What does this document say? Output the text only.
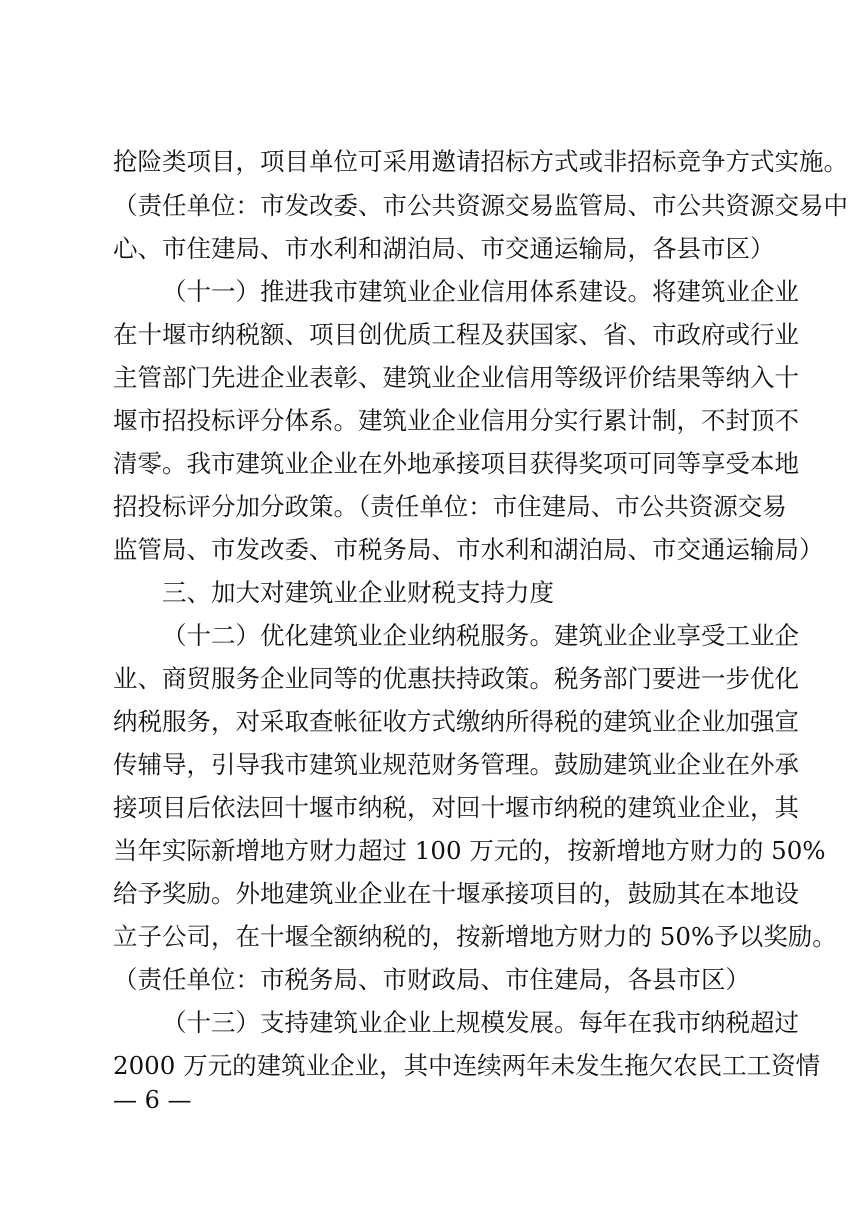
抢险类项目，项目单位可采用邀请招标方式或非招标竞争方式实施。
（责任单位：市发改委、市公共资源交易监管局、市公共资源交易中
心、市住建局、市水利和湖泊局、市交通运输局，各县市区）
（十一）推进我市建筑业企业信用体系建设。将建筑业企业
在十堰市纳税额、项目创优质工程及获国家、省、市政府或行业
主管部门先进企业表彰、建筑业企业信用等级评价结果等纳入十
堰市招投标评分体系。建筑业企业信用分实行累计制，不封顶不
清零。我市建筑业企业在外地承接项目获得奖项可同等享受本地
招投标评分加分政策。（责任单位：市住建局、市公共资源交易
监管局、市发改委、市税务局、市水利和湖泊局、市交通运输局）
三、加大对建筑业企业财税支持力度
（十二）优化建筑业企业纳税服务。建筑业企业享受工业企
业、商贸服务企业同等的优惠扶持政策。税务部门要进一步优化
纳税服务，对采取查帐征收方式缴纳所得税的建筑业企业加强宣
传辅导，引导我市建筑业规范财务管理。鼓励建筑业企业在外承
接项目后依法回十堰市纳税，对回十堰市纳税的建筑业企业，其
当年实际新增地方财力超过 100 万元的，按新增地方财力的 50%
给予奖励。外地建筑业企业在十堰承接项目的，鼓励其在本地设
立子公司，在十堰全额纳税的，按新增地方财力的 50%予以奖励。
（责任单位：市税务局、市财政局、市住建局，各县市区）
（十三）支持建筑业企业上规模发展。每年在我市纳税超过
2000 万元的建筑业企业，其中连续两年未发生拖欠农民工工资情
— 6 —
